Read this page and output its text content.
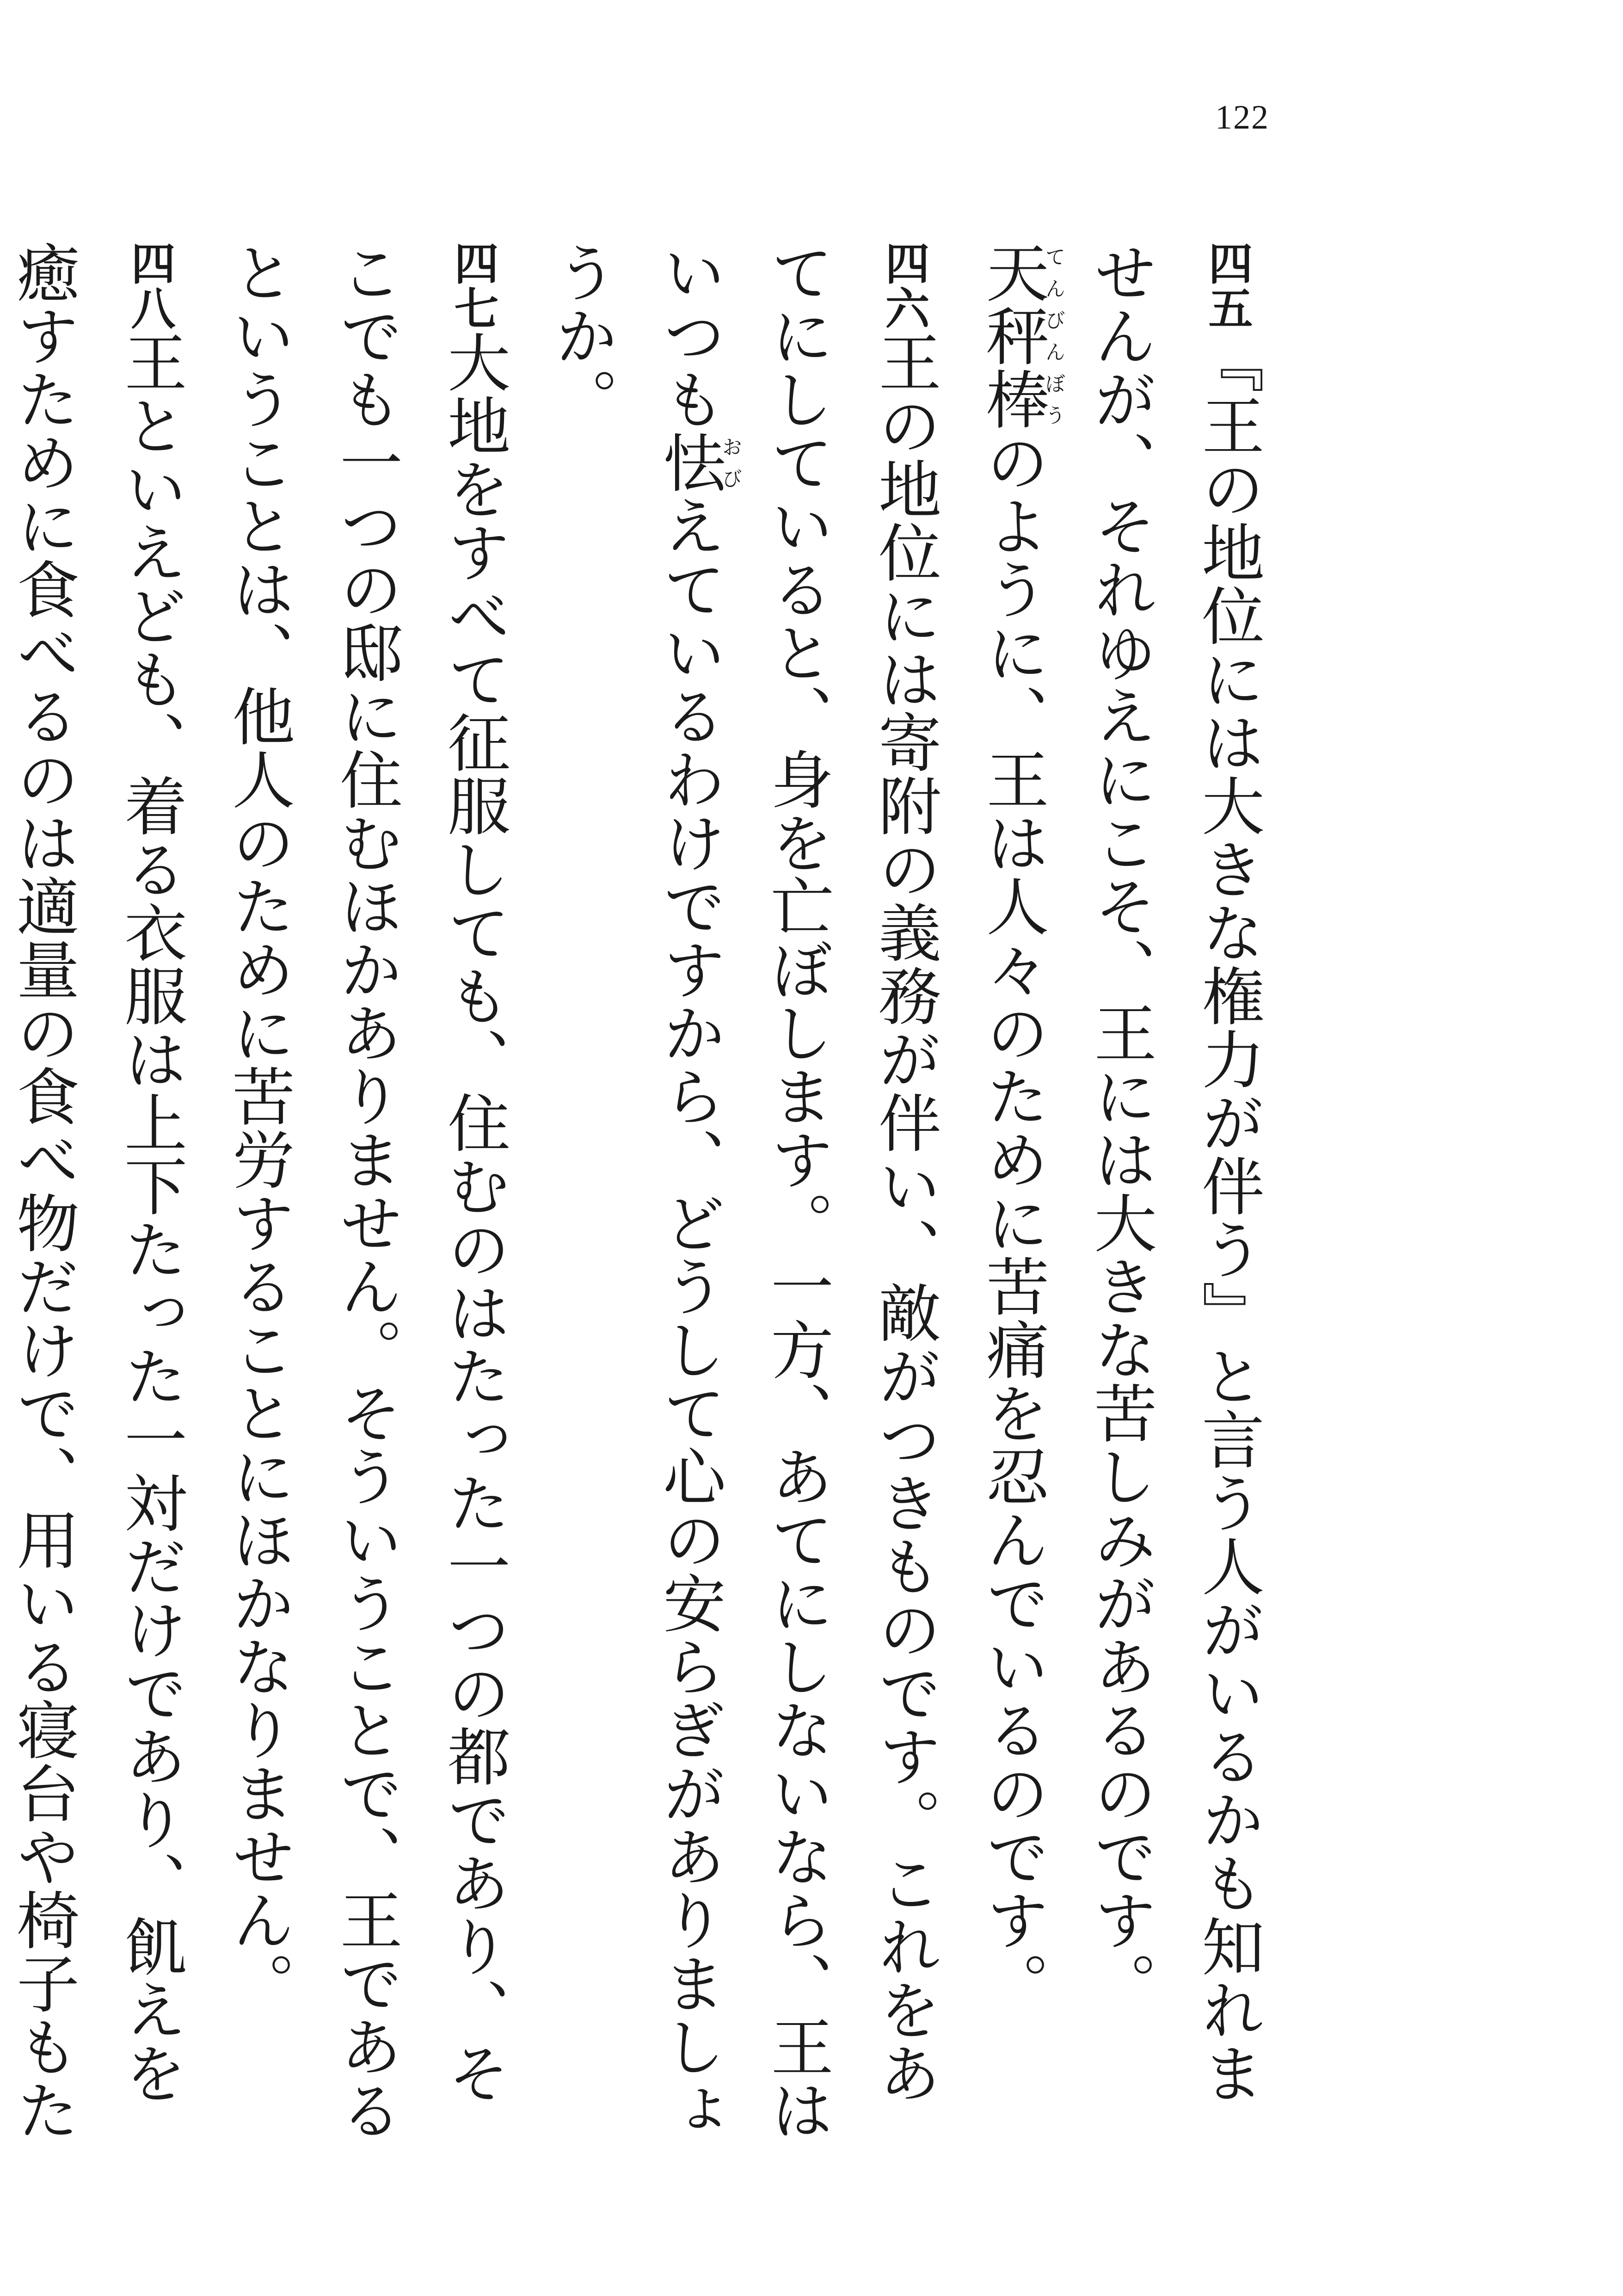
122

四五『王の地位には大きな権力が伴う』と言う人がいるかも知れませんが、それゆえにこそ、王には大きな苦しみがあるのです。天秤棒てんびんぼうのように、王は人々のために苦痛を忍んでいるのです。

四六王の地位には寄附の義務が伴い、敵がつきものです。これをあてにしていると、身を亡ぼします。一方、あてにしないなら、王はいつも怯おびえているわけですから、どうして心の安らぎがありましょうか。

四七大地をすべて征服しても、住むのはたった一つの都であり、そこでも一つの邸に住むほかありません。そういうことで、王であるということは、他人のために苦労することにほかなりません。

四八王といえども、着る衣服は上下たった一対だけであり、飢えを癒すために食べるのは適量の食べ物だけで、用いる寝台や椅子もた
